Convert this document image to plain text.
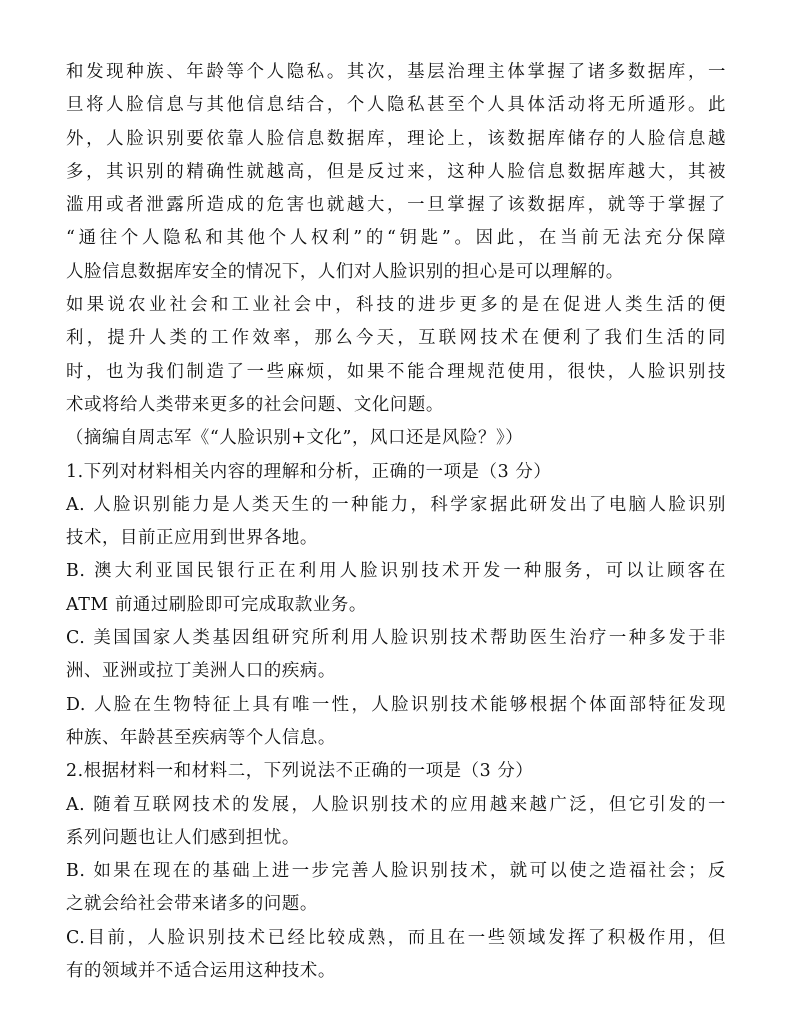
和发现种族、年龄等个人隐私。其次，基层治理主体掌握了诸多数据库，一
旦将人脸信息与其他信息结合，个人隐私甚至个人具体活动将无所遁形。此
外，人脸识别要依靠人脸信息数据库，理论上，该数据库储存的人脸信息越
多，其识别的精确性就越高，但是反过来，这种人脸信息数据库越大，其被
滥用或者泄露所造成的危害也就越大，一旦掌握了该数据库，就等于掌握了
“通往个人隐私和其他个人权利”的“钥匙”。因此，在当前无法充分保障
人脸信息数据库安全的情况下，人们对人脸识别的担心是可以理解的。
如果说农业社会和工业社会中，科技的进步更多的是在促进人类生活的便
利，提升人类的工作效率，那么今天，互联网技术在便利了我们生活的同
时，也为我们制造了一些麻烦，如果不能合理规范使用，很快，人脸识别技
术或将给人类带来更多的社会问题、文化问题。
（摘编自周志军《“人脸识别+文化”，风口还是风险？》）
1.下列对材料相关内容的理解和分析，正确的一项是（3 分）
A. 人脸识别能力是人类天生的一种能力，科学家据此研发出了电脑人脸识别
技术，目前正应用到世界各地。
B. 澳大利亚国民银行正在利用人脸识别技术开发一种服务，可以让顾客在
ATM 前通过刷脸即可完成取款业务。
C. 美国国家人类基因组研究所利用人脸识别技术帮助医生治疗一种多发于非
洲、亚洲或拉丁美洲人口的疾病。
D. 人脸在生物特征上具有唯一性，人脸识别技术能够根据个体面部特征发现
种族、年龄甚至疾病等个人信息。
2.根据材料一和材料二，下列说法不正确的一项是（3 分）
A. 随着互联网技术的发展，人脸识别技术的应用越来越广泛，但它引发的一
系列问题也让人们感到担忧。
B. 如果在现在的基础上进一步完善人脸识别技术，就可以使之造福社会；反
之就会给社会带来诸多的问题。
C.目前，人脸识别技术已经比较成熟，而且在一些领域发挥了积极作用，但
有的领域并不适合运用这种技术。
